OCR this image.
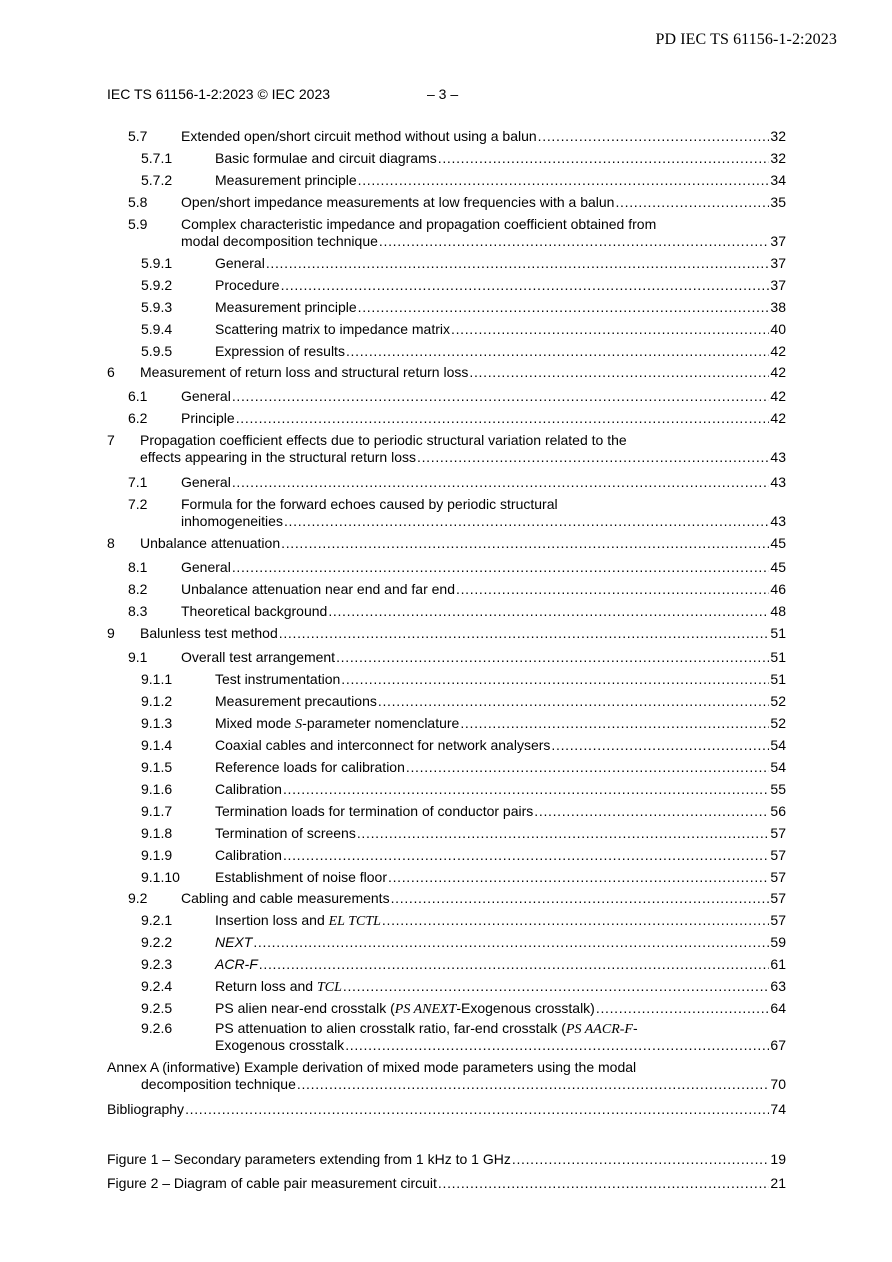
PD IEC TS 61156-1-2:2023
IEC TS 61156-1-2:2023 © IEC 2023	– 3 –
5.7 Extended open/short circuit method without using a balun . . .	32
5.7.1	Basic formulae and circuit diagrams . . .	32
5.7.2	Measurement principle . . .	34
5.8 Open/short impedance measurements at low frequencies with a balun . . .	35
5.9 Complex characteristic impedance and propagation coefficient obtained from
modal decomposition technique . . .	37
5.9.1	General . . .	37
5.9.2	Procedure . . .	37
5.9.3	Measurement principle . . .	38
5.9.4	Scattering matrix to impedance matrix . . .	40
5.9.5	Expression of results . . .	42
6 Measurement of return loss and structural return loss . . .	42
6.1 General . . .	42
6.2 Principle . . .	42
7 Propagation coefficient effects due to periodic structural variation related to the
effects appearing in the structural return loss . . .	43
7.1 General . . .	43
7.2 Formula for the forward echoes caused by periodic structural
inhomogeneities . . .	43
8 Unbalance attenuation . . .	45
8.1 General . . .	45
8.2 Unbalance attenuation near end and far end . . .	46
8.3 Theoretical background . . .	48
9 Balunless test method . . .	51
9.1 Overall test arrangement . . .	51
9.1.1	Test instrumentation . . .	51
9.1.2	Measurement precautions . . .	52
9.1.3	Mixed mode S-parameter nomenclature . . .	52
9.1.4	Coaxial cables and interconnect for network analysers . . .	54
9.1.5	Reference loads for calibration . . .	54
9.1.6	Calibration . . .	55
9.1.7	Termination loads for termination of conductor pairs . . .	56
9.1.8	Termination of screens . . .	57
9.1.9	Calibration . . .	57
9.1.10	Establishment of noise floor . . .	57
9.2 Cabling and cable measurements . . .	57
9.2.1	Insertion loss and EL TCTL . . .	57
9.2.2	NEXT . . .	59
9.2.3	ACR-F . . .	61
9.2.4	Return loss and TCL . . .	63
9.2.5	PS alien near-end crosstalk (PS ANEXT-Exogenous crosstalk) . . .	64
9.2.6	PS attenuation to alien crosstalk ratio, far-end crosstalk (PS AACR-F-
Exogenous crosstalk . . .	67
Annex A (informative) Example derivation of mixed mode parameters using the modal
decomposition technique . . .	70
Bibliography . . .	74
Figure 1 – Secondary parameters extending from 1 kHz to 1 GHz . . .	19
Figure 2 – Diagram of cable pair measurement circuit . . .	21
